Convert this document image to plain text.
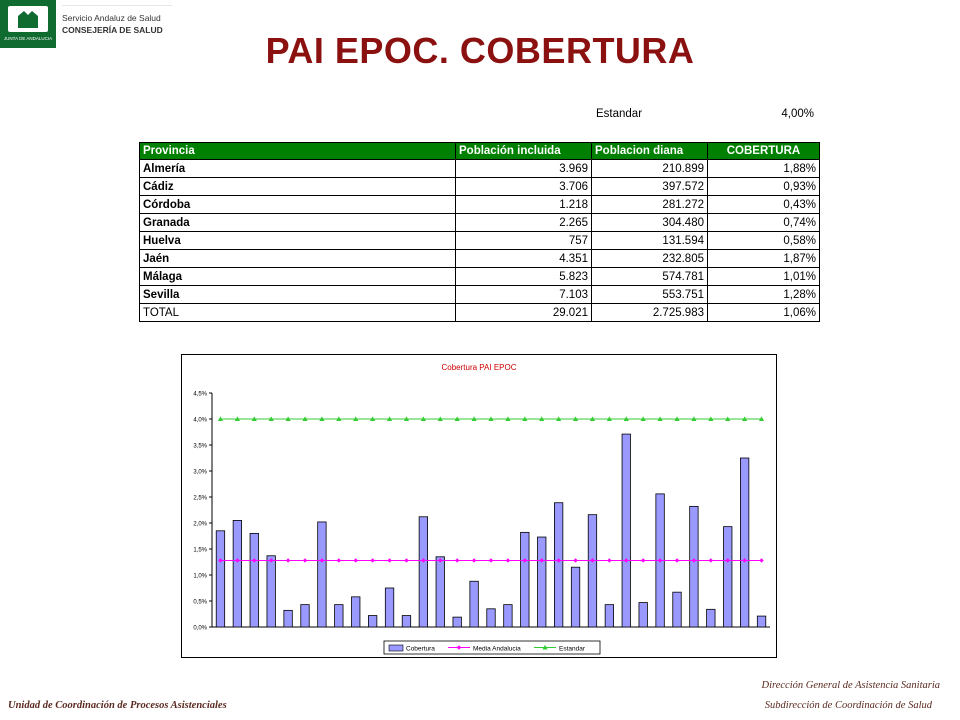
JUNTA DE ANDALUCIA
Servicio Andaluz de Salud
CONSEJERÍA DE SALUD	PAI EPOC. COBERTURA
Estandar	4,00%
Provincia	Población incluida	Poblacion diana	COBERTURA
Almería	3.969	210.899	1,88%
Cádiz	3.706	397.572	0,93%
Córdoba	1.218	281.272	0,43%
Granada	2.265	304.480	0,74%
Huelva	757	131.594	0,58%
Jaén	4.351	232.805	1,87%
Málaga	5.823	574.781	1,01%
Sevilla	7.103	553.751	1,28%
TOTAL	29.021	2.725.983	1,06%
Cobertura PAI EPOC
0,0%
0,5%
1,0%
1,5%
2,0%
2,5%
3,0%
3,5%
4,0%
4,5%
Cobertura	Media Andalucia	Estandar
Unidad de Coordinación de Procesos Asistenciales
Dirección General de Asistencia Sanitaria
Subdirección de Coordinación de Salud
